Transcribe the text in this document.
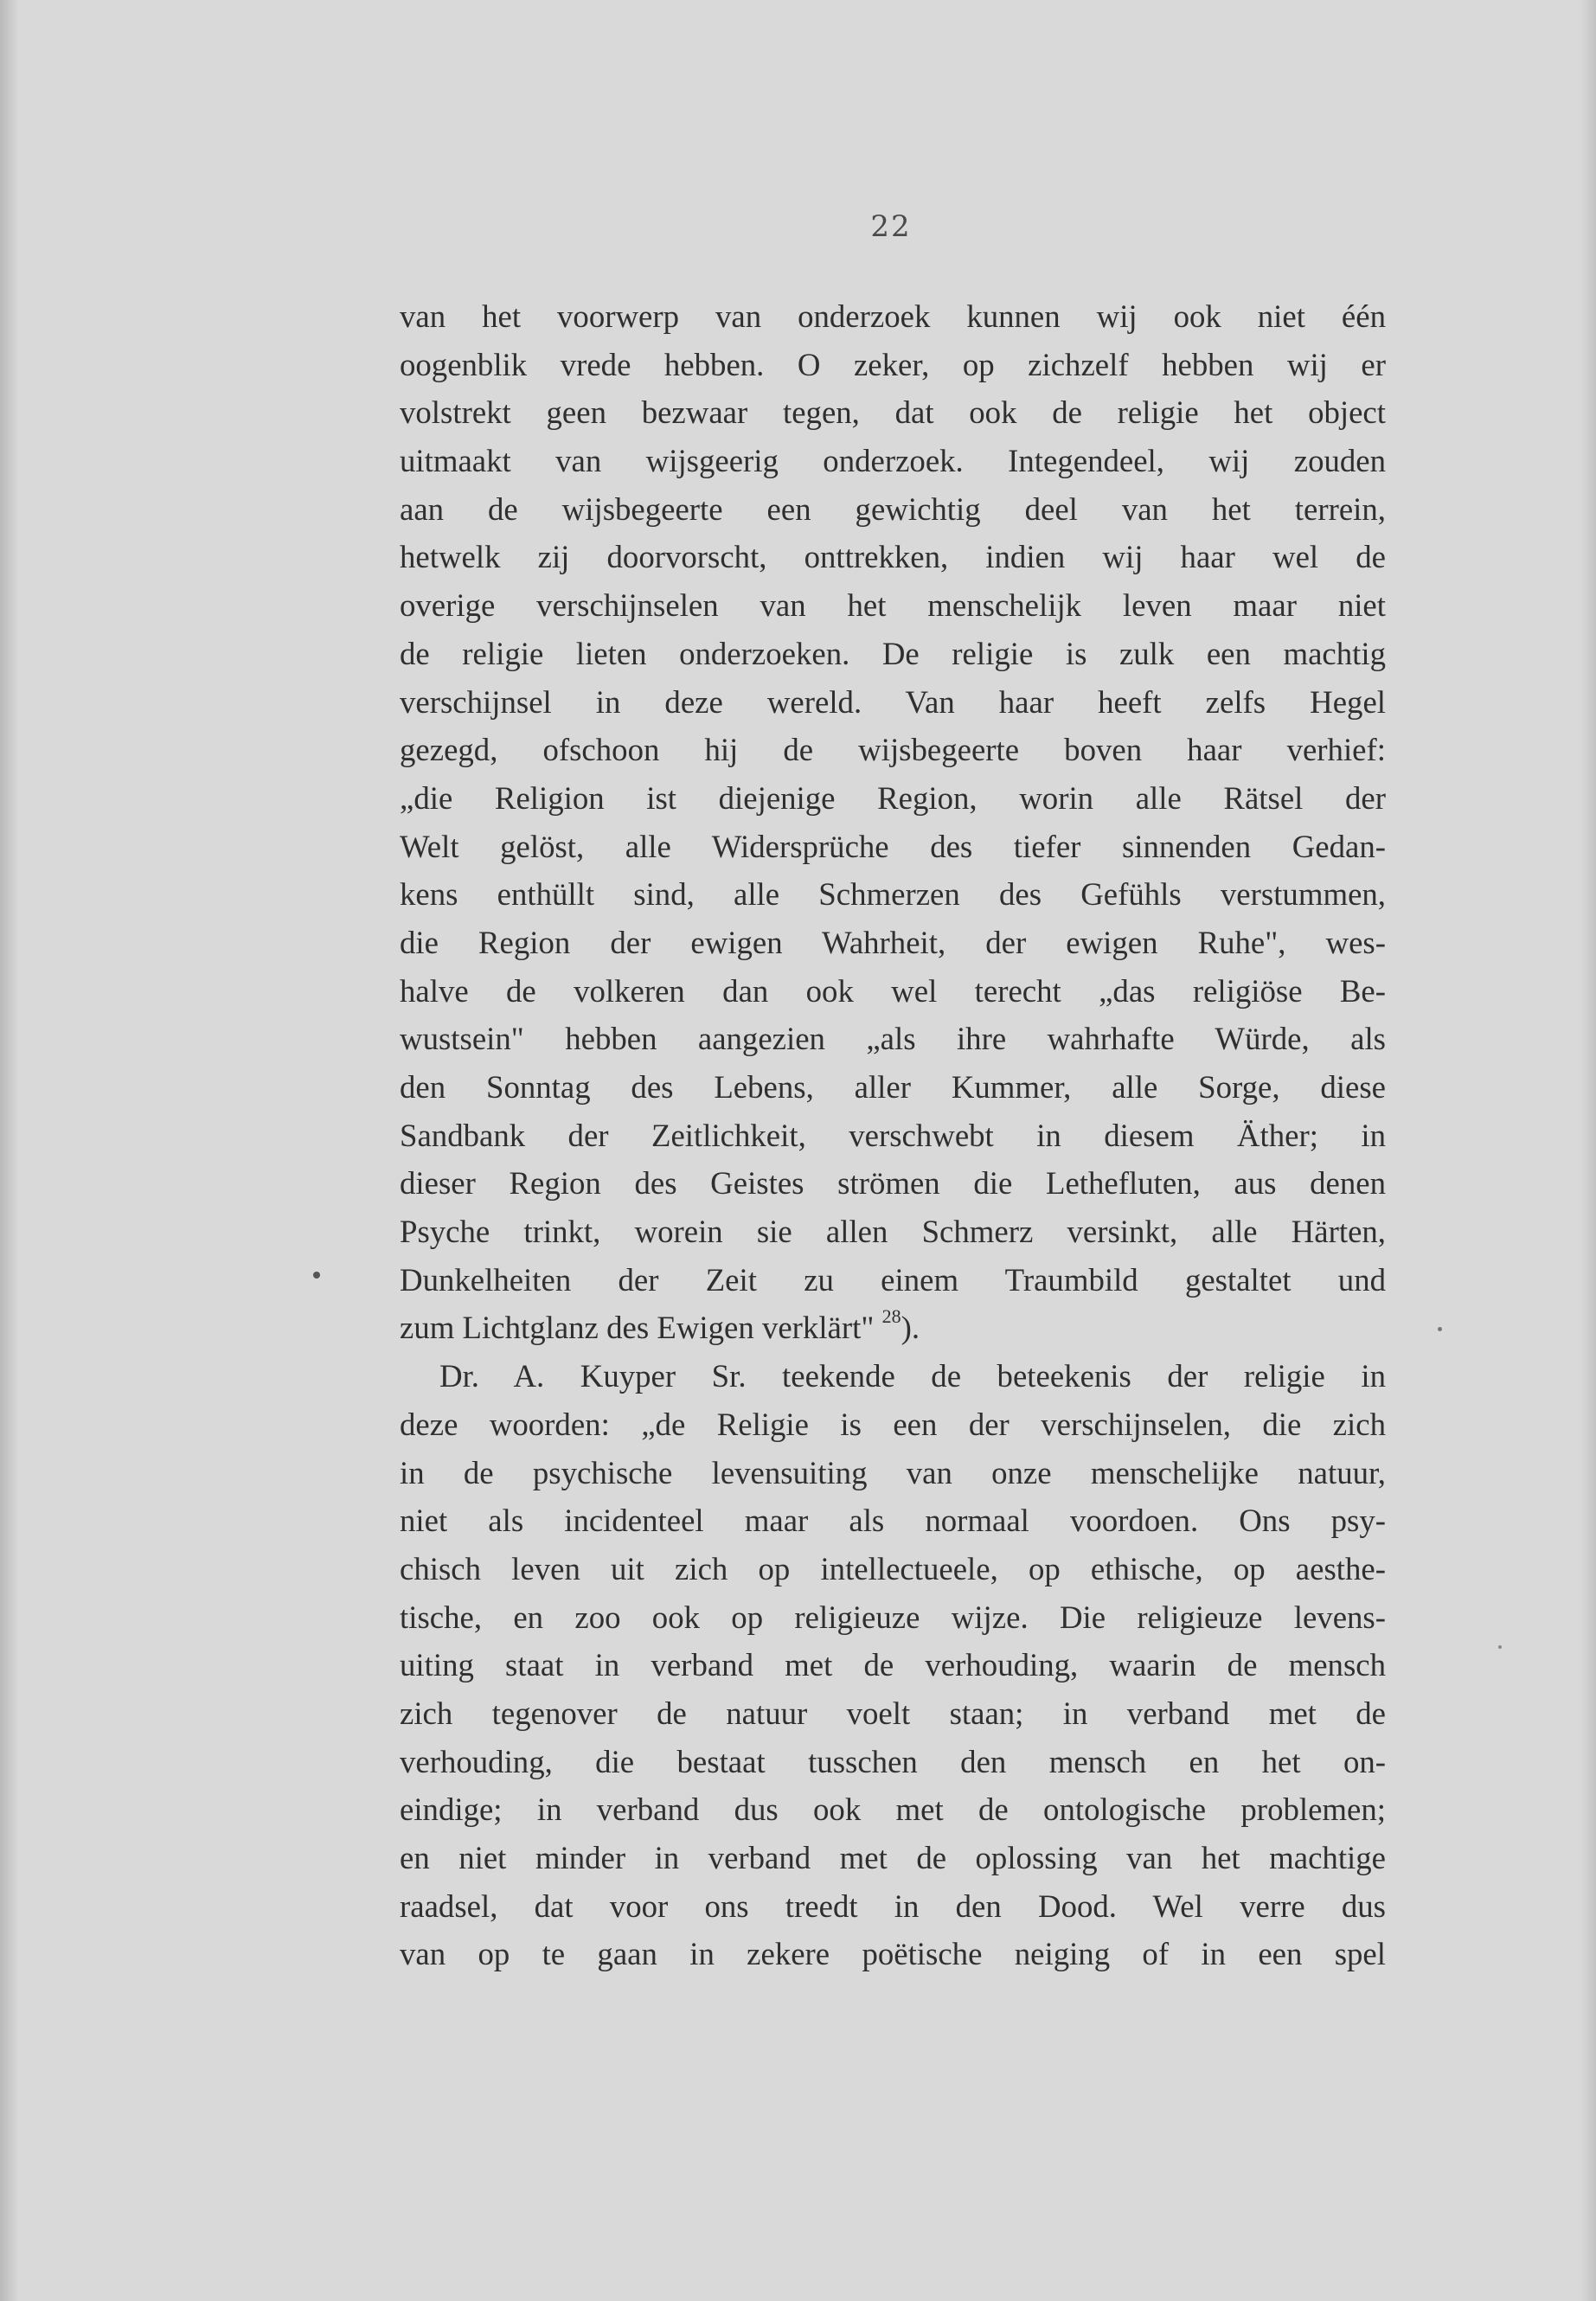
22
van het voorwerp van onderzoek kunnen wij ook niet één
oogenblik vrede hebben. O zeker, op zichzelf hebben wij er
volstrekt geen bezwaar tegen, dat ook de religie het object
uitmaakt van wijsgeerig onderzoek. Integendeel, wij zouden
aan de wijsbegeerte een gewichtig deel van het terrein,
hetwelk zij doorvorscht, onttrekken, indien wij haar wel de
overige verschijnselen van het menschelijk leven maar niet
de religie lieten onderzoeken. De religie is zulk een machtig
verschijnsel in deze wereld. Van haar heeft zelfs Hegel
gezegd, ofschoon hij de wijsbegeerte boven haar verhief:
„die Religion ist diejenige Region, worin alle Rätsel der
Welt gelöst, alle Widersprüche des tiefer sinnenden Gedan-
kens enthüllt sind, alle Schmerzen des Gefühls verstummen,
die Region der ewigen Wahrheit, der ewigen Ruhe", wes-
halve de volkeren dan ook wel terecht „das religiöse Be-
wustsein" hebben aangezien „als ihre wahrhafte Würde, als
den Sonntag des Lebens, aller Kummer, alle Sorge, diese
Sandbank der Zeitlichkeit, verschwebt in diesem Äther; in
dieser Region des Geistes strömen die Lethefluten, aus denen
Psyche trinkt, worein sie allen Schmerz versinkt, alle Härten,
Dunkelheiten der Zeit zu einem Traumbild gestaltet und
zum Lichtglanz des Ewigen verklärt" $^{28}$).
Dr. A. Kuyper Sr. teekende de beteekenis der religie in
deze woorden: „de Religie is een der verschijnselen, die zich
in de psychische levensuiting van onze menschelijke natuur,
niet als incidenteel maar als normaal voordoen. Ons psy-
chisch leven uit zich op intellectueele, op ethische, op aesthe-
tische, en zoo ook op religieuze wijze. Die religieuze levens-
uiting staat in verband met de verhouding, waarin de mensch
zich tegenover de natuur voelt staan; in verband met de
verhouding, die bestaat tusschen den mensch en het on-
eindige; in verband dus ook met de ontologische problemen;
en niet minder in verband met de oplossing van het machtige
raadsel, dat voor ons treedt in den Dood. Wel verre dus
van op te gaan in zekere poëtische neiging of in een spel
